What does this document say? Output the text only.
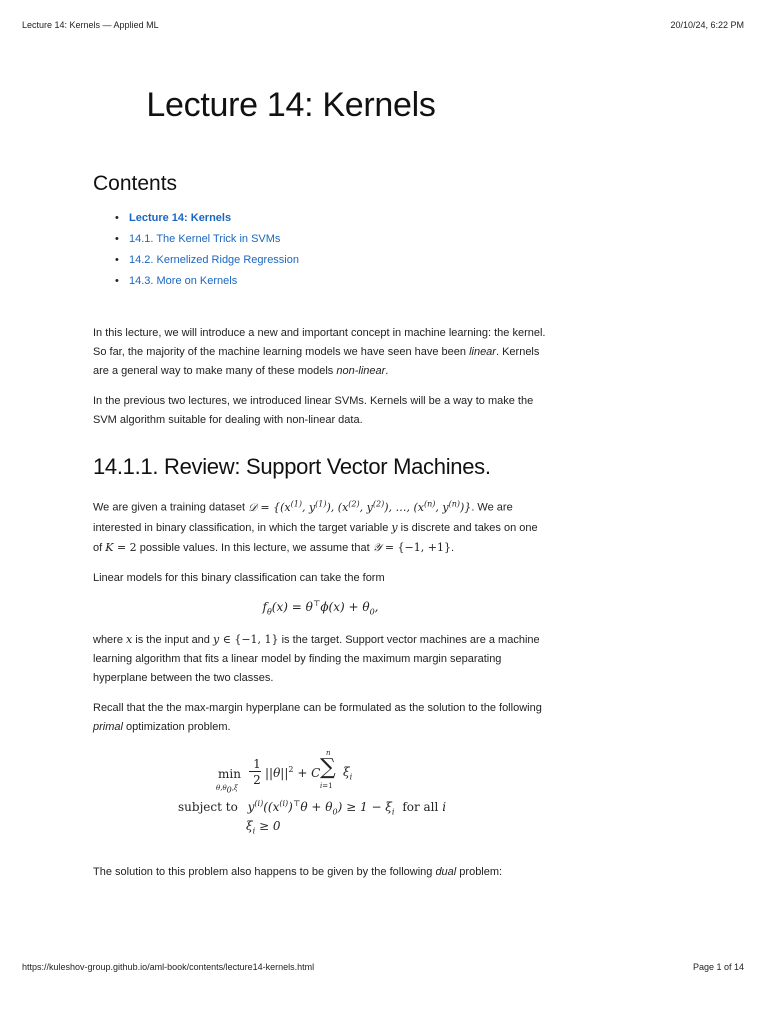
Lecture 14: Kernels — Applied ML	20/10/24, 6:22 PM
Lecture 14: Kernels
Contents
• Lecture 14: Kernels
• 14.1. The Kernel Trick in SVMs
• 14.2. Kernelized Ridge Regression
• 14.3. More on Kernels

In this lecture, we will introduce a new and important concept in machine learning: the kernel. So far, the majority of the machine learning models we have seen have been linear. Kernels are a general way to make many of these models non-linear.

In the previous two lectures, we introduced linear SVMs. Kernels will be a way to make the SVM algorithm suitable for dealing with non-linear data.

14.1.1. Review: Support Vector Machines.

We are given a training dataset 𝒟 = {($x^{(1)}$, $y^{(1)}$), ($x^{(2)}$, $y^{(2)}$), …, ($x^{(n)}$, $y^{(n)}$)}. We are interested in binary classification, in which the target variable y is discrete and takes on one of K = 2 possible values. In this lecture, we assume that 𝒴 = {−1, +1}.

Linear models for this binary classification can take the form

$f_\theta(x) = \theta^⊤\phi(x) + \theta_0$,

where x is the input and y ∈ {−1, 1} is the target. Support vector machines are a machine learning algorithm that fits a linear model by finding the maximum margin separating hyperplane between the two classes.

Recall that the the max-margin hyperplane can be formulated as the solution to the following primal optimization problem.

min
$\theta,\theta_0,\xi$
1
2 $||\theta||^2 + C$
n
∑
i=1
$\xi_i$
subject to $y^{(i)}((x^{(i)})^⊤\theta + \theta_0) \ge 1 - \xi_i$ for all i
$\xi_i \ge 0$

The solution to this problem also happens to be given by the following dual problem:

https://kuleshov-group.github.io/aml-book/contents/lecture14-kernels.html	Page 1 of 14
